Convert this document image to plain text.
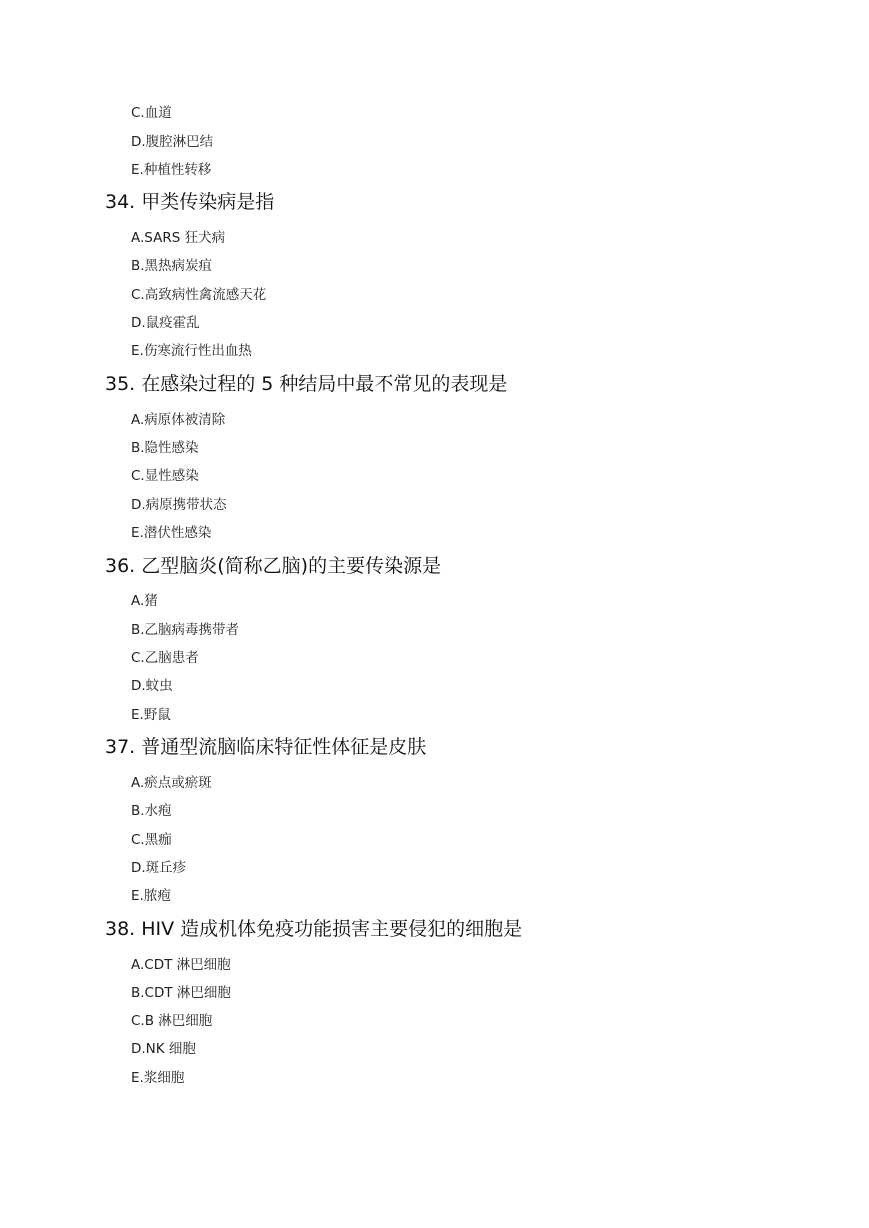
C.血道
D.腹腔淋巴结
E.种植性转移
34. 甲类传染病是指
A.SARS 狂犬病
B.黑热病炭疽
C.高致病性禽流感天花
D.鼠疫霍乱
E.伤寒流行性出血热
35. 在感染过程的 5 种结局中最不常见的表现是
A.病原体被清除
B.隐性感染
C.显性感染
D.病原携带状态
E.潜伏性感染
36. 乙型脑炎(简称乙脑)的主要传染源是
A.猪
B.乙脑病毒携带者
C.乙脑患者
D.蚊虫
E.野鼠
37. 普通型流脑临床特征性体征是皮肤
A.瘀点或瘀斑
B.水疱
C.黑痂
D.斑丘疹
E.脓疱
38. HIV 造成机体免疫功能损害主要侵犯的细胞是
A.CDT 淋巴细胞
B.CDT 淋巴细胞
C.B 淋巴细胞
D.NK 细胞
E.浆细胞
